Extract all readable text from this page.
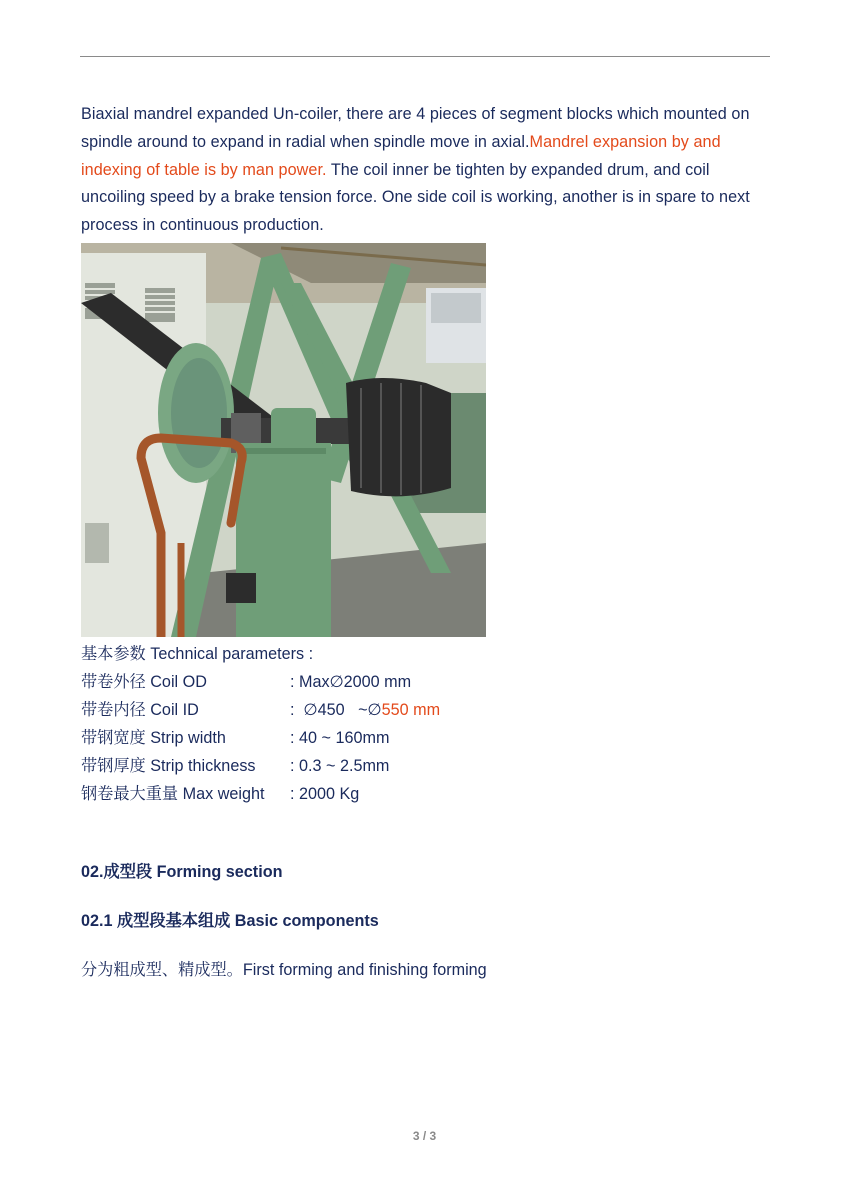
Biaxial mandrel expanded Un-coiler, there are 4 pieces of segment blocks which mounted on spindle around to expand in radial when spindle move in axial.Mandrel expansion by and indexing of table is by man power. The coil inner be tighten by expanded drum, and coil uncoiling speed by a brake tension force. One side coil is working, another is in spare to next process in continuous production.

基本参数 Technical parameters :
带卷外径 Coil OD	: Max∅2000 mm
带卷内径 Coil ID	:  ∅450   ~∅550 mm
带钢宽度 Strip width	: 40 ~ 160mm
带钢厚度 Strip thickness : 0.3 ~ 2.5mm
钢卷最大重量 Max weight : 2000 Kg
02.成型段 Forming section
02.1 成型段基本组成 Basic components
分为粗成型、精成型。First forming and finishing forming
3 / 3
